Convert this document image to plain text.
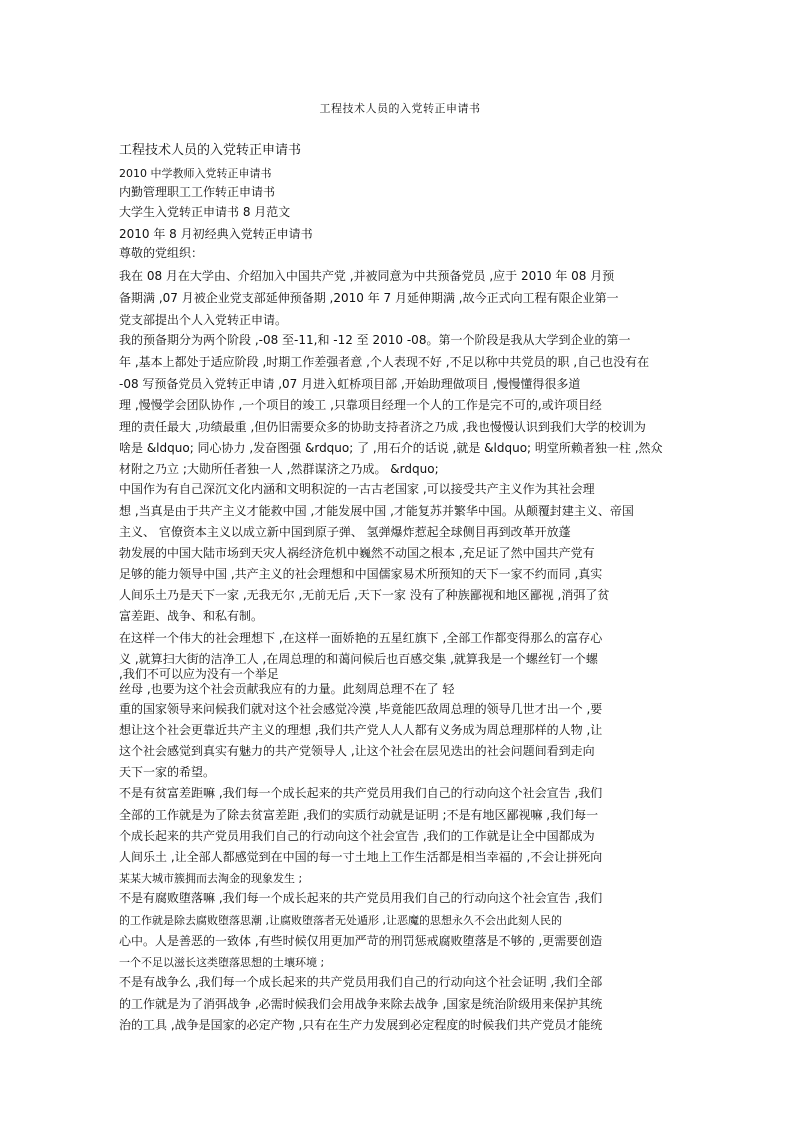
工程技术人员的入党转正申请书
工程技术人员的入党转正申请书
2010 中学教师入党转正申请书
内勤管理职工工作转正申请书
大学生入党转正申请书 8 月范文
2010 年 8 月初经典入党转正申请书
尊敬的党组织：
我在 08 月在大学由、介绍加入中国共产党 ,并被同意为中共预备党员 ,应于 2010 年 08 月预
备期满 ,07 月被企业党支部延伸预备期 ,2010 年 7 月延伸期满 ,故今正式向工程有限企业第一
党支部提出个人入党转正申请。
我的预备期分为两个阶段 ,-08 至-11,和 -12 至 2010 -08。第一个阶段是我从大学到企业的第一
年 ,基本上都处于适应阶段 ,时期工作差强者意 ,个人表现不好 ,不足以称中共党员的职 ,自己也没有在
-08 写预备党员入党转正申请 ,07 月进入虹桥项目部 ,开始助理做项目 ,慢慢懂得很多道
理 ,慢慢学会团队协作 ,一个项目的竣工 ,只靠项目经理一个人的工作是完不可的,或许项目经
理的责任最大 ,功绩最重 ,但仍旧需要众多的协助支持者济之乃成 ,我也慢慢认识到我们大学的校训为
啥是 &ldquo; 同心协力 ,发奋图强 &rdquo; 了 ,用石介的话说 ,就是 &ldquo; 明堂所赖者独一柱 ,然众
材附之乃立 ;大勋所任者独一人 ,然群谋济之乃成。 &rdquo;
中国作为有自己深沉文化内涵和文明积淀的一古古老国家 ,可以接受共产主义作为其社会理
想 ,当真是由于共产主义才能救中国 ,才能发展中国 ,才能复苏并繁华中国。从颠覆封建主义、帝国
主义、 官僚资本主义以成立新中国到原子弹、 氢弹爆炸惹起全球侧目再到改革开放蓬
勃发展的中国大陆市场到天灾人祸经济危机中巍然不动国之根本 ,充足证了然中国共产党有
足够的能力领导中国 ,共产主义的社会理想和中国儒家易术所预知的天下一家不约而同 ,真实
人间乐土乃是天下一家 ,无我无尔 ,无前无后 ,天下一家 没有了种族鄙视和地区鄙视 ,消弭了贫
富差距、战争、和私有制。
在这样一个伟大的社会理想下 ,在这样一面娇艳的五星红旗下 ,全部工作都变得那么的富存心
义 ,就算扫大街的洁净工人 ,在周总理的和蔼问候后也百感交集 ,就算我是一个螺丝钉一个螺
,我们不可以应为没有一个举足
丝母 ,也要为这个社会贡献我应有的力量。此刻周总理不在了 轻
重的国家领导来问候我们就对这个社会感觉冷漠 ,毕竟能匹敌周总理的领导几世才出一个 ,要
想让这个社会更靠近共产主义的理想 ,我们共产党人人人都有义务成为周总理那样的人物 ,让
这个社会感觉到真实有魅力的共产党领导人 ,让这个社会在层见迭出的社会问题间看到走向
天下一家的希望。
不是有贫富差距嘛 ,我们每一个成长起来的共产党员用我们自己的行动向这个社会宣告 ,我们
全部的工作就是为了除去贫富差距 ,我们的实质行动就是证明 ;不是有地区鄙视嘛 ,我们每一
个成长起来的共产党员用我们自己的行动向这个社会宣告 ,我们的工作就是让全中国都成为
人间乐土 ,让全部人都感觉到在中国的每一寸土地上工作生活都是相当幸福的 ,不会让拼死向
某某大城市簇拥而去淘金的现象发生 ;
不是有腐败堕落嘛 ,我们每一个成长起来的共产党员用我们自己的行动向这个社会宣告 ,我们
的工作就是除去腐败堕落思潮 ,让腐败堕落者无处遁形 ,让恶魔的思想永久不会出此刻人民的
心中。人是善恶的一致体 ,有些时候仅用更加严苛的刑罚惩戒腐败堕落是不够的 ,更需要创造
一个不足以滋长这类堕落思想的土壤环境 ;
不是有战争么 ,我们每一个成长起来的共产党员用我们自己的行动向这个社会证明 ,我们全部
的工作就是为了消弭战争 ,必需时候我们会用战争来除去战争 ,国家是统治阶级用来保护其统
治的工具 ,战争是国家的必定产物 ,只有在生产力发展到必定程度的时候我们共产党员才能统
